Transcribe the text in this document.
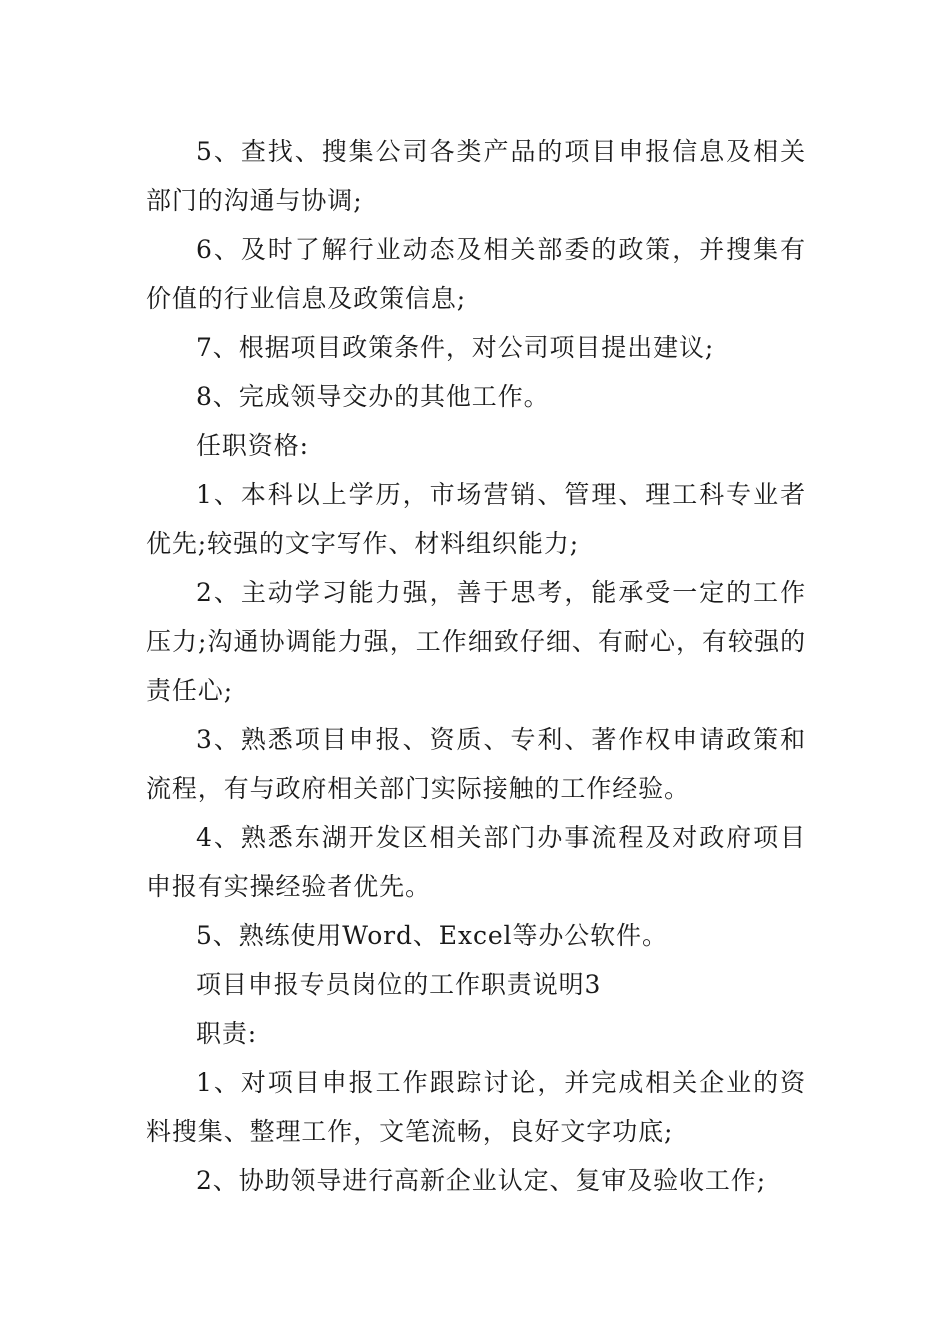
5、查找、搜集公司各类产品的项目申报信息及相关部门的沟通与协调;

6、及时了解行业动态及相关部委的政策，并搜集有价值的行业信息及政策信息;

7、根据项目政策条件，对公司项目提出建议;

8、完成领导交办的其他工作。

任职资格:

1、本科以上学历，市场营销、管理、理工科专业者优先;较强的文字写作、材料组织能力;

2、主动学习能力强，善于思考，能承受一定的工作压力;沟通协调能力强，工作细致仔细、有耐心，有较强的责任心;

3、熟悉项目申报、资质、专利、著作权申请政策和流程，有与政府相关部门实际接触的工作经验。

4、熟悉东湖开发区相关部门办事流程及对政府项目申报有实操经验者优先。

5、熟练使用Word、Excel等办公软件。

项目申报专员岗位的工作职责说明3

职责:

1、对项目申报工作跟踪讨论，并完成相关企业的资料搜集、整理工作，文笔流畅，良好文字功底;

2、协助领导进行高新企业认定、复审及验收工作;
